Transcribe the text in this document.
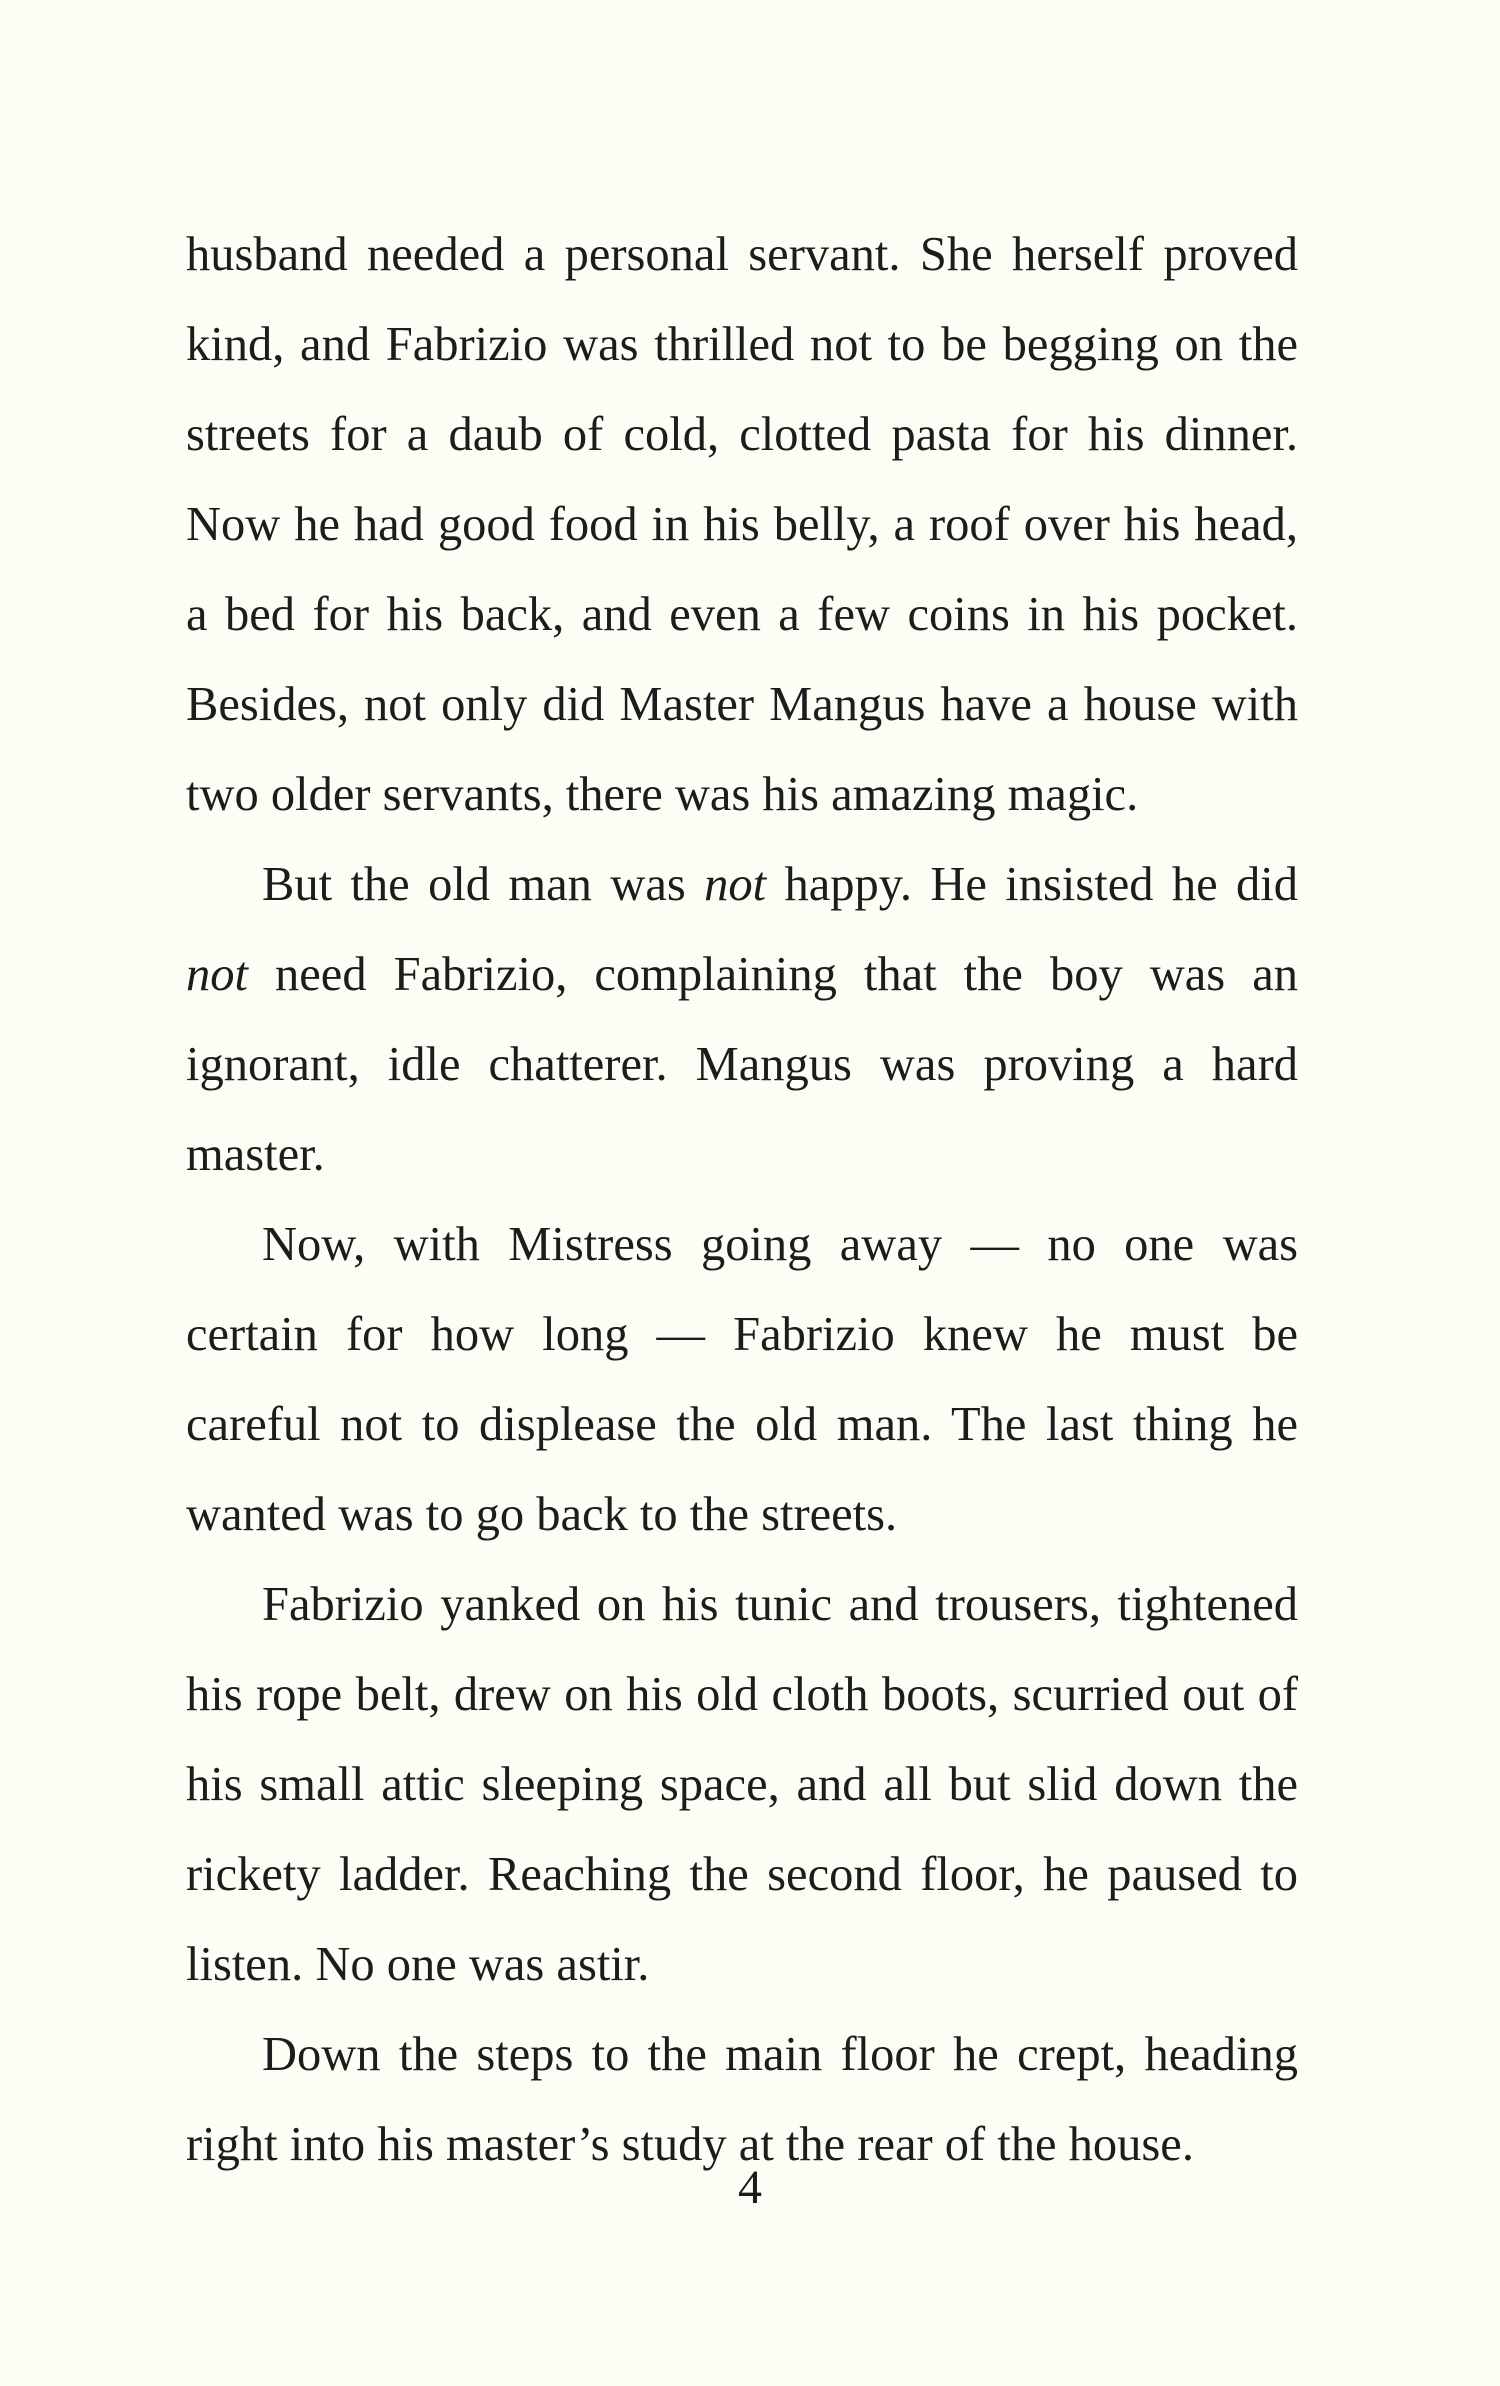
husband needed a personal servant. She herself proved kind, and Fabrizio was thrilled not to be begging on the streets for a daub of cold, clotted pasta for his dinner. Now he had good food in his belly, a roof over his head, a bed for his back, and even a few coins in his pocket. Besides, not only did Master Mangus have a house with two older servants, there was his amazing magic.

But the old man was not happy. He insisted he did not need Fabrizio, complaining that the boy was an ignorant, idle chatterer. Mangus was proving a hard master.

Now, with Mistress going away — no one was certain for how long — Fabrizio knew he must be careful not to displease the old man. The last thing he wanted was to go back to the streets.

Fabrizio yanked on his tunic and trousers, tightened his rope belt, drew on his old cloth boots, scurried out of his small attic sleeping space, and all but slid down the rickety ladder. Reaching the second floor, he paused to listen. No one was astir.

Down the steps to the main floor he crept, heading right into his master’s study at the rear of the house.

4
